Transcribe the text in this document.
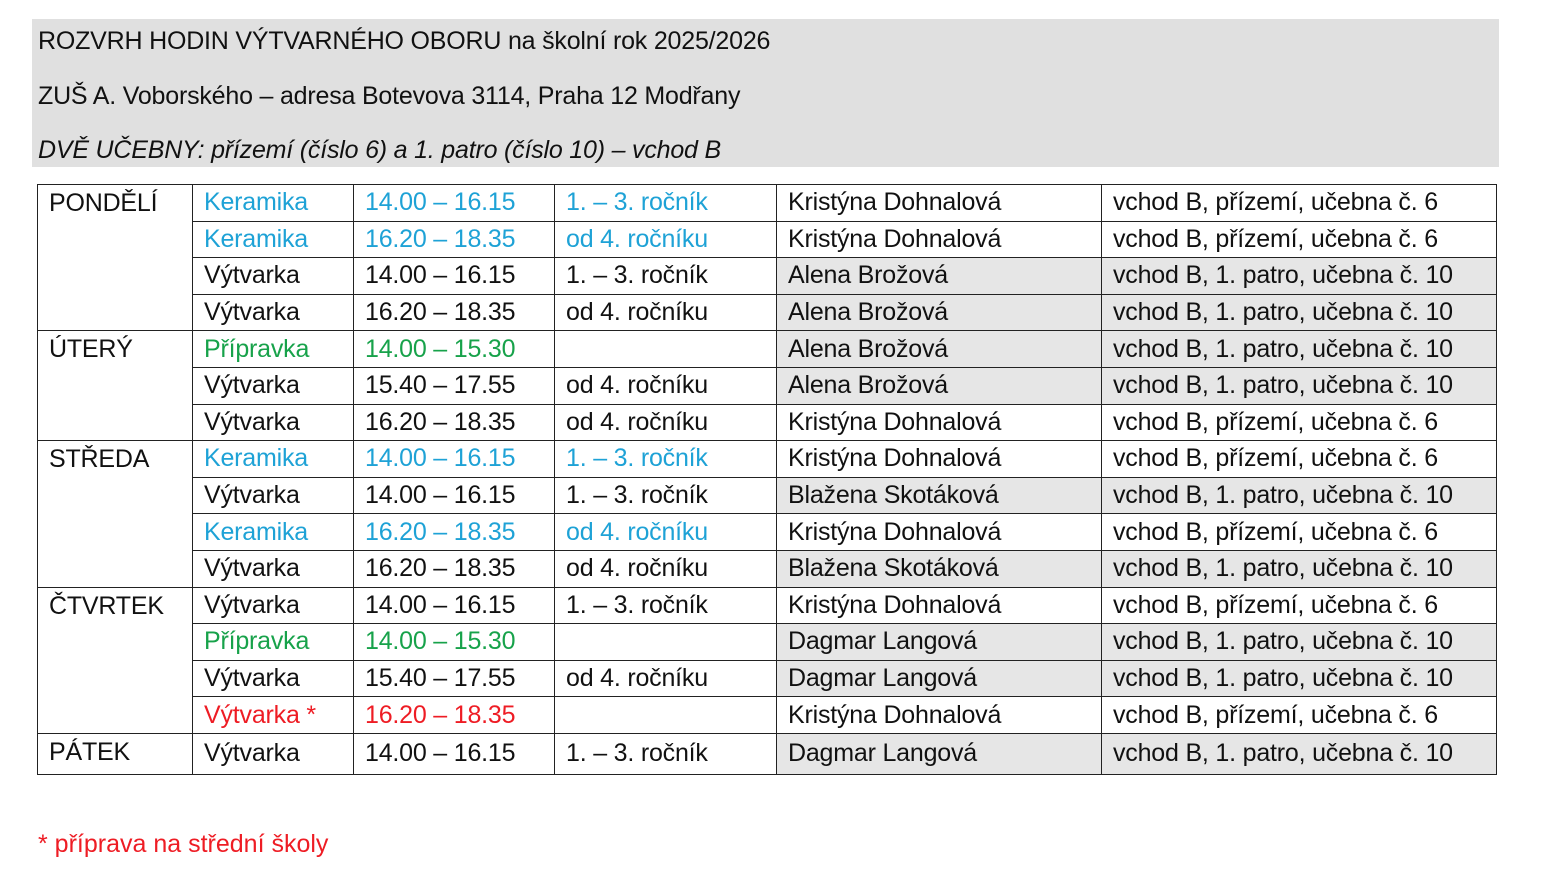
ROZVRH HODIN VÝTVARNÉHO OBORU na školní rok 2025/2026
ZUŠ A. Voborského – adresa Botevova 3114, Praha 12 Modřany
DVĚ UČEBNY: přízemí (číslo 6) a 1. patro (číslo 10) – vchod B
PONDĚLÍ	Keramika	14.00 – 16.15	1. – 3. ročník	Kristýna Dohnalová	vchod B, přízemí, učebna č. 6
	Keramika	16.20 – 18.35	od 4. ročníku	Kristýna Dohnalová	vchod B, přízemí, učebna č. 6
	Výtvarka	14.00 – 16.15	1. – 3. ročník	Alena Brožová	vchod B, 1. patro, učebna č. 10
	Výtvarka	16.20 – 18.35	od 4. ročníku	Alena Brožová	vchod B, 1. patro, učebna č. 10
ÚTERÝ	Přípravka	14.00 – 15.30		Alena Brožová	vchod B, 1. patro, učebna č. 10
	Výtvarka	15.40 – 17.55	od 4. ročníku	Alena Brožová	vchod B, 1. patro, učebna č. 10
	Výtvarka	16.20 – 18.35	od 4. ročníku	Kristýna Dohnalová	vchod B, přízemí, učebna č. 6
STŘEDA	Keramika	14.00 – 16.15	1. – 3. ročník	Kristýna Dohnalová	vchod B, přízemí, učebna č. 6
	Výtvarka	14.00 – 16.15	1. – 3. ročník	Blažena Skotáková	vchod B, 1. patro, učebna č. 10
	Keramika	16.20 – 18.35	od 4. ročníku	Kristýna Dohnalová	vchod B, přízemí, učebna č. 6
	Výtvarka	16.20 – 18.35	od 4. ročníku	Blažena Skotáková	vchod B, 1. patro, učebna č. 10
ČTVRTEK	Výtvarka	14.00 – 16.15	1. – 3. ročník	Kristýna Dohnalová	vchod B, přízemí, učebna č. 6
	Přípravka	14.00 – 15.30		Dagmar Langová	vchod B, 1. patro, učebna č. 10
	Výtvarka	15.40 – 17.55	od 4. ročníku	Dagmar Langová	vchod B, 1. patro, učebna č. 10
	Výtvarka *	16.20 – 18.35		Kristýna Dohnalová	vchod B, přízemí, učebna č. 6
PÁTEK	Výtvarka	14.00 – 16.15	1. – 3. ročník	Dagmar Langová	vchod B, 1. patro, učebna č. 10
* příprava na střední školy
